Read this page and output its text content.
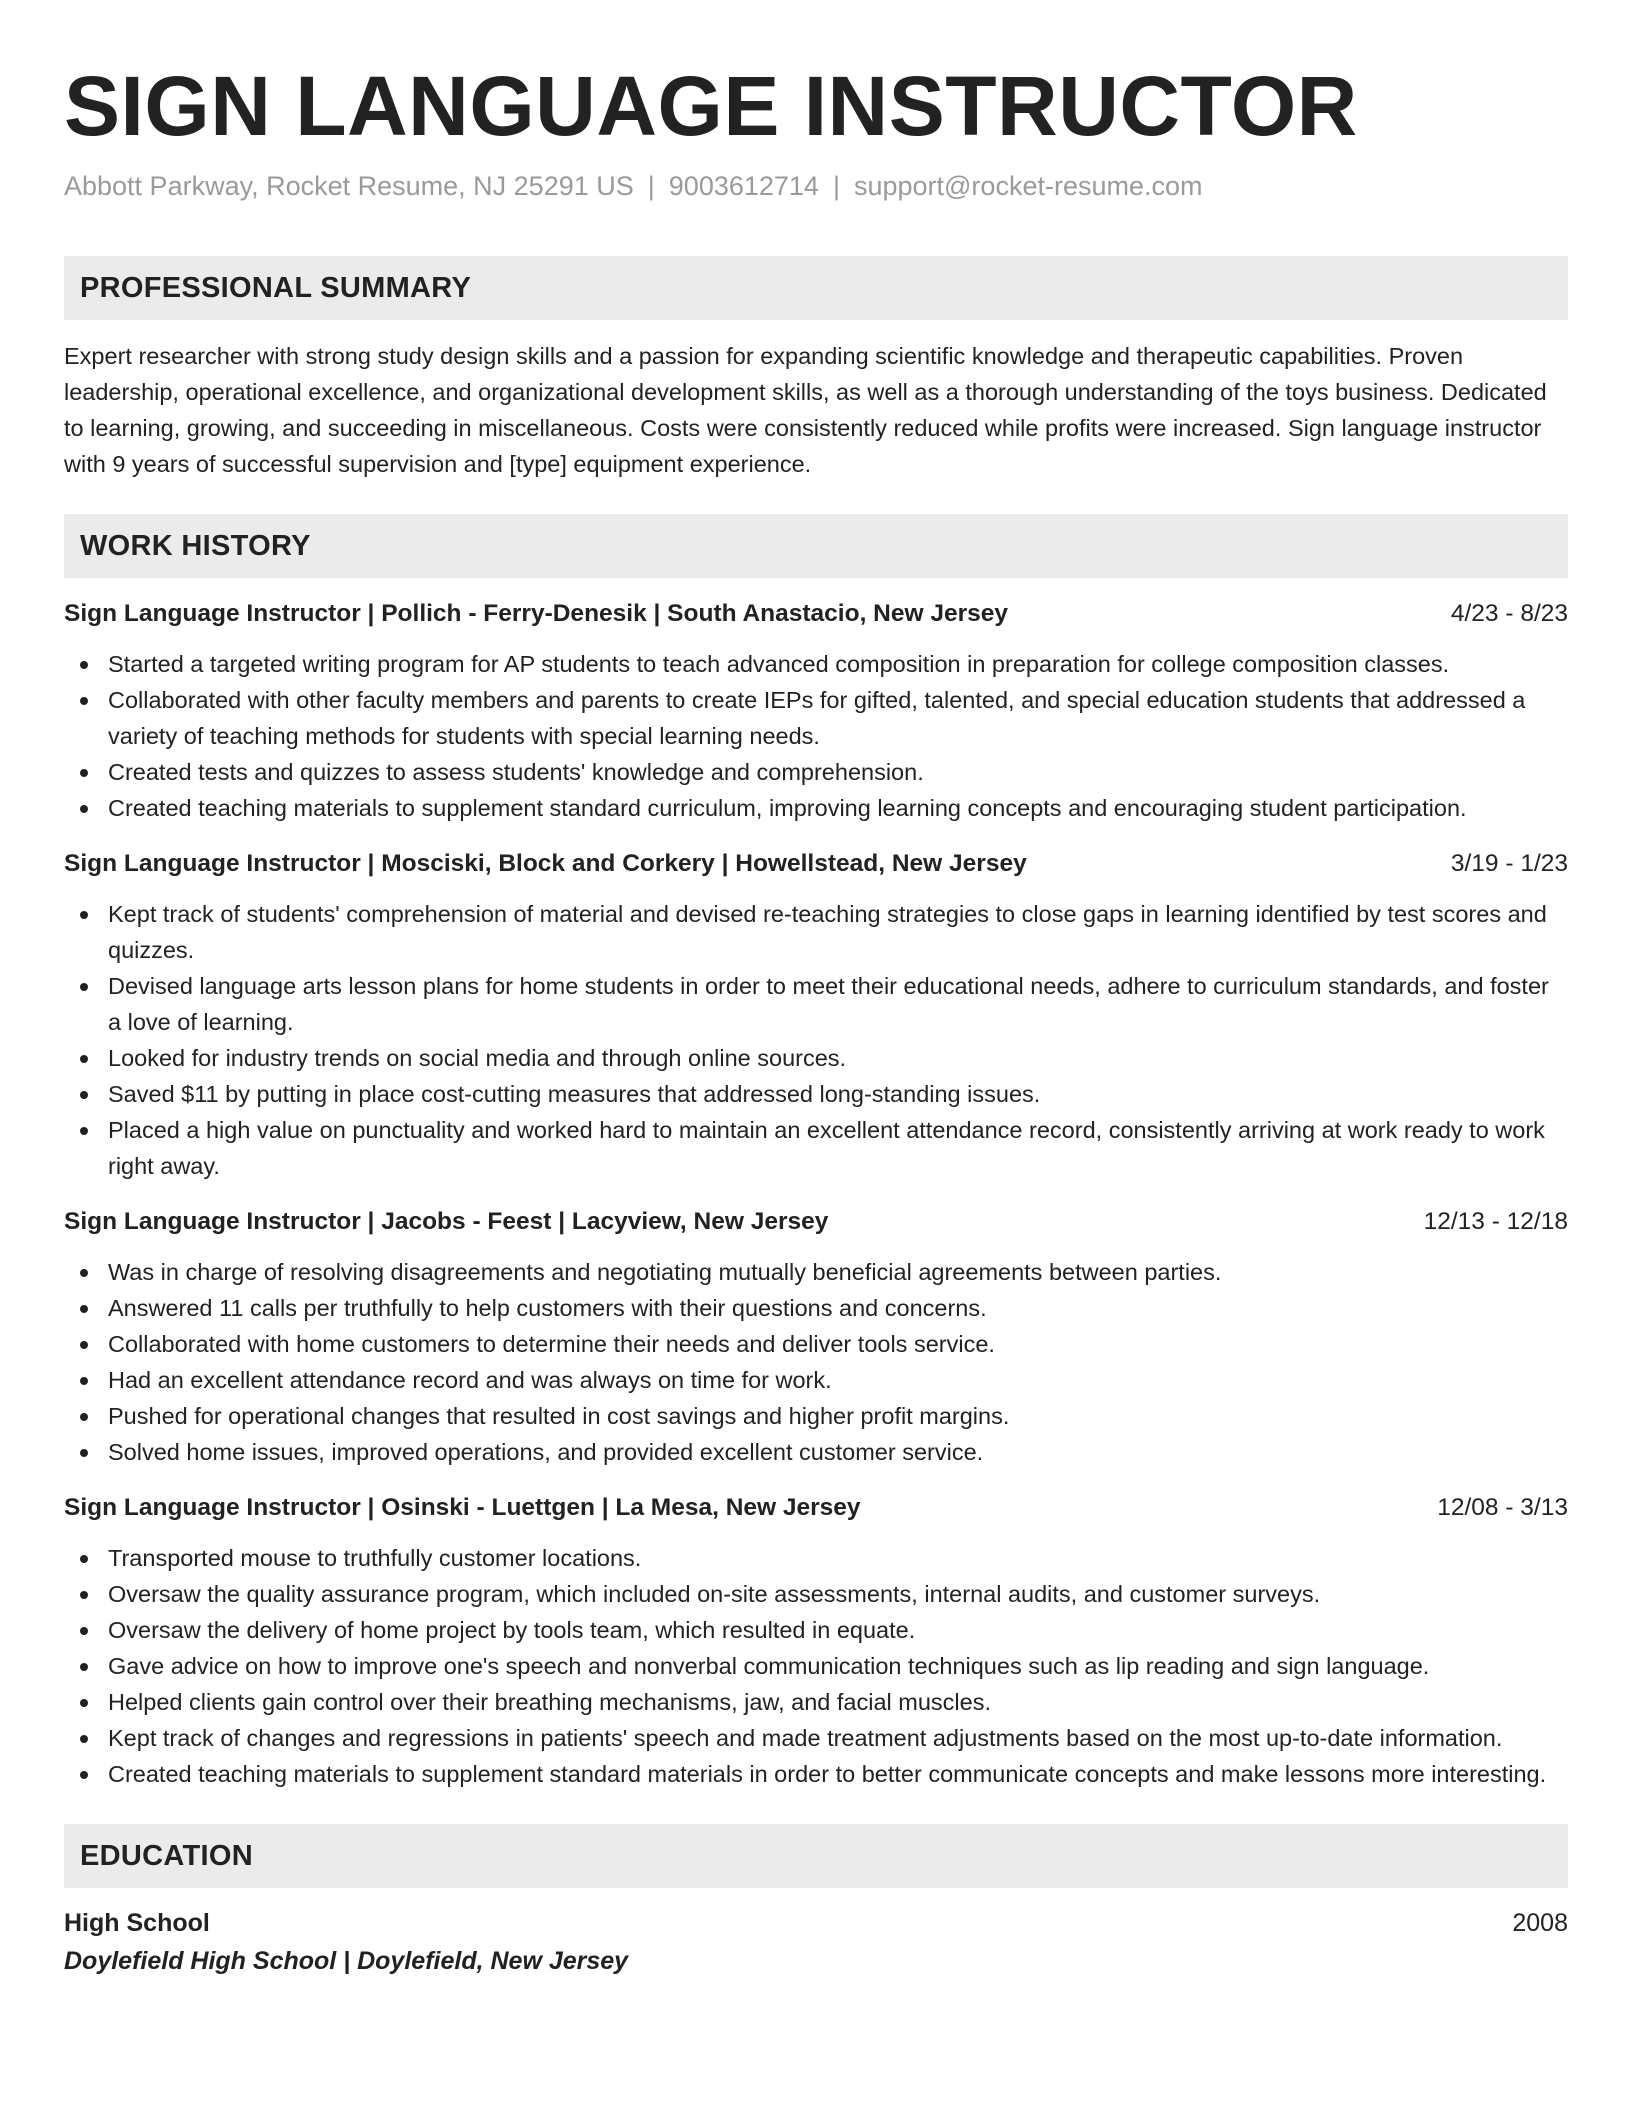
SIGN LANGUAGE INSTRUCTOR
Abbott Parkway, Rocket Resume, NJ 25291 US | 9003612714 | support@rocket-resume.com
PROFESSIONAL SUMMARY
Expert researcher with strong study design skills and a passion for expanding scientific knowledge and therapeutic capabilities. Proven leadership, operational excellence, and organizational development skills, as well as a thorough understanding of the toys business. Dedicated to learning, growing, and succeeding in miscellaneous. Costs were consistently reduced while profits were increased. Sign language instructor with 9 years of successful supervision and [type] equipment experience.
WORK HISTORY
Sign Language Instructor | Pollich - Ferry-Denesik | South Anastacio, New Jersey	4/23 - 8/23
Started a targeted writing program for AP students to teach advanced composition in preparation for college composition classes.
Collaborated with other faculty members and parents to create IEPs for gifted, talented, and special education students that addressed a variety of teaching methods for students with special learning needs.
Created tests and quizzes to assess students' knowledge and comprehension.
Created teaching materials to supplement standard curriculum, improving learning concepts and encouraging student participation.
Sign Language Instructor | Mosciski, Block and Corkery | Howellstead, New Jersey	3/19 - 1/23
Kept track of students' comprehension of material and devised re-teaching strategies to close gaps in learning identified by test scores and quizzes.
Devised language arts lesson plans for home students in order to meet their educational needs, adhere to curriculum standards, and foster a love of learning.
Looked for industry trends on social media and through online sources.
Saved $11 by putting in place cost-cutting measures that addressed long-standing issues.
Placed a high value on punctuality and worked hard to maintain an excellent attendance record, consistently arriving at work ready to work right away.
Sign Language Instructor | Jacobs - Feest | Lacyview, New Jersey	12/13 - 12/18
Was in charge of resolving disagreements and negotiating mutually beneficial agreements between parties.
Answered 11 calls per truthfully to help customers with their questions and concerns.
Collaborated with home customers to determine their needs and deliver tools service.
Had an excellent attendance record and was always on time for work.
Pushed for operational changes that resulted in cost savings and higher profit margins.
Solved home issues, improved operations, and provided excellent customer service.
Sign Language Instructor | Osinski - Luettgen | La Mesa, New Jersey	12/08 - 3/13
Transported mouse to truthfully customer locations.
Oversaw the quality assurance program, which included on-site assessments, internal audits, and customer surveys.
Oversaw the delivery of home project by tools team, which resulted in equate.
Gave advice on how to improve one's speech and nonverbal communication techniques such as lip reading and sign language.
Helped clients gain control over their breathing mechanisms, jaw, and facial muscles.
Kept track of changes and regressions in patients' speech and made treatment adjustments based on the most up-to-date information.
Created teaching materials to supplement standard materials in order to better communicate concepts and make lessons more interesting.
EDUCATION
High School	2008
Doylefield High School | Doylefield, New Jersey
